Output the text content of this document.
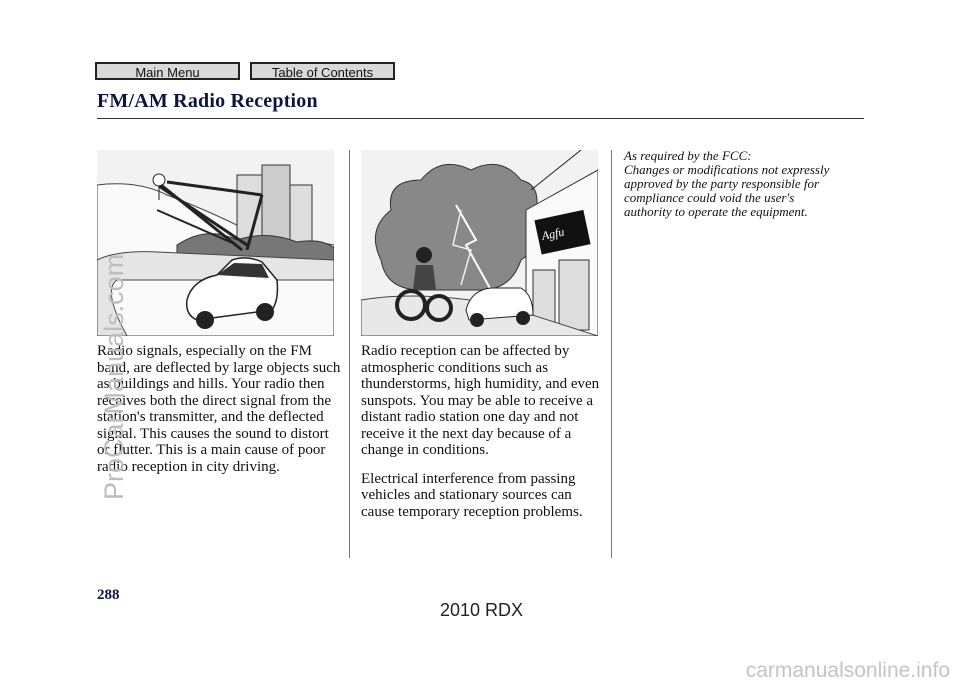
Main Menu	Table of Contents
FM/AM Radio Reception
Agfu

Radio signals, especially on the FM band, are deflected by large objects such as buildings and hills. Your radio then receives both the direct signal from the station's transmitter, and the deflected signal. This causes the sound to distort or flutter. This is a main cause of poor radio reception in city driving.

Radio reception can be affected by atmospheric conditions such as thunderstorms, high humidity, and even sunspots. You may be able to receive a distant radio station one day and not receive it the next day because of a change in conditions.

Electrical interference from passing vehicles and stationary sources can cause temporary reception problems.

As required by the FCC:
Changes or modifications not expressly
approved by the party responsible for
compliance could void the user's
authority to operate the equipment.
288
2010 RDX
ProCarManuals.com
carmanualsonline.info
